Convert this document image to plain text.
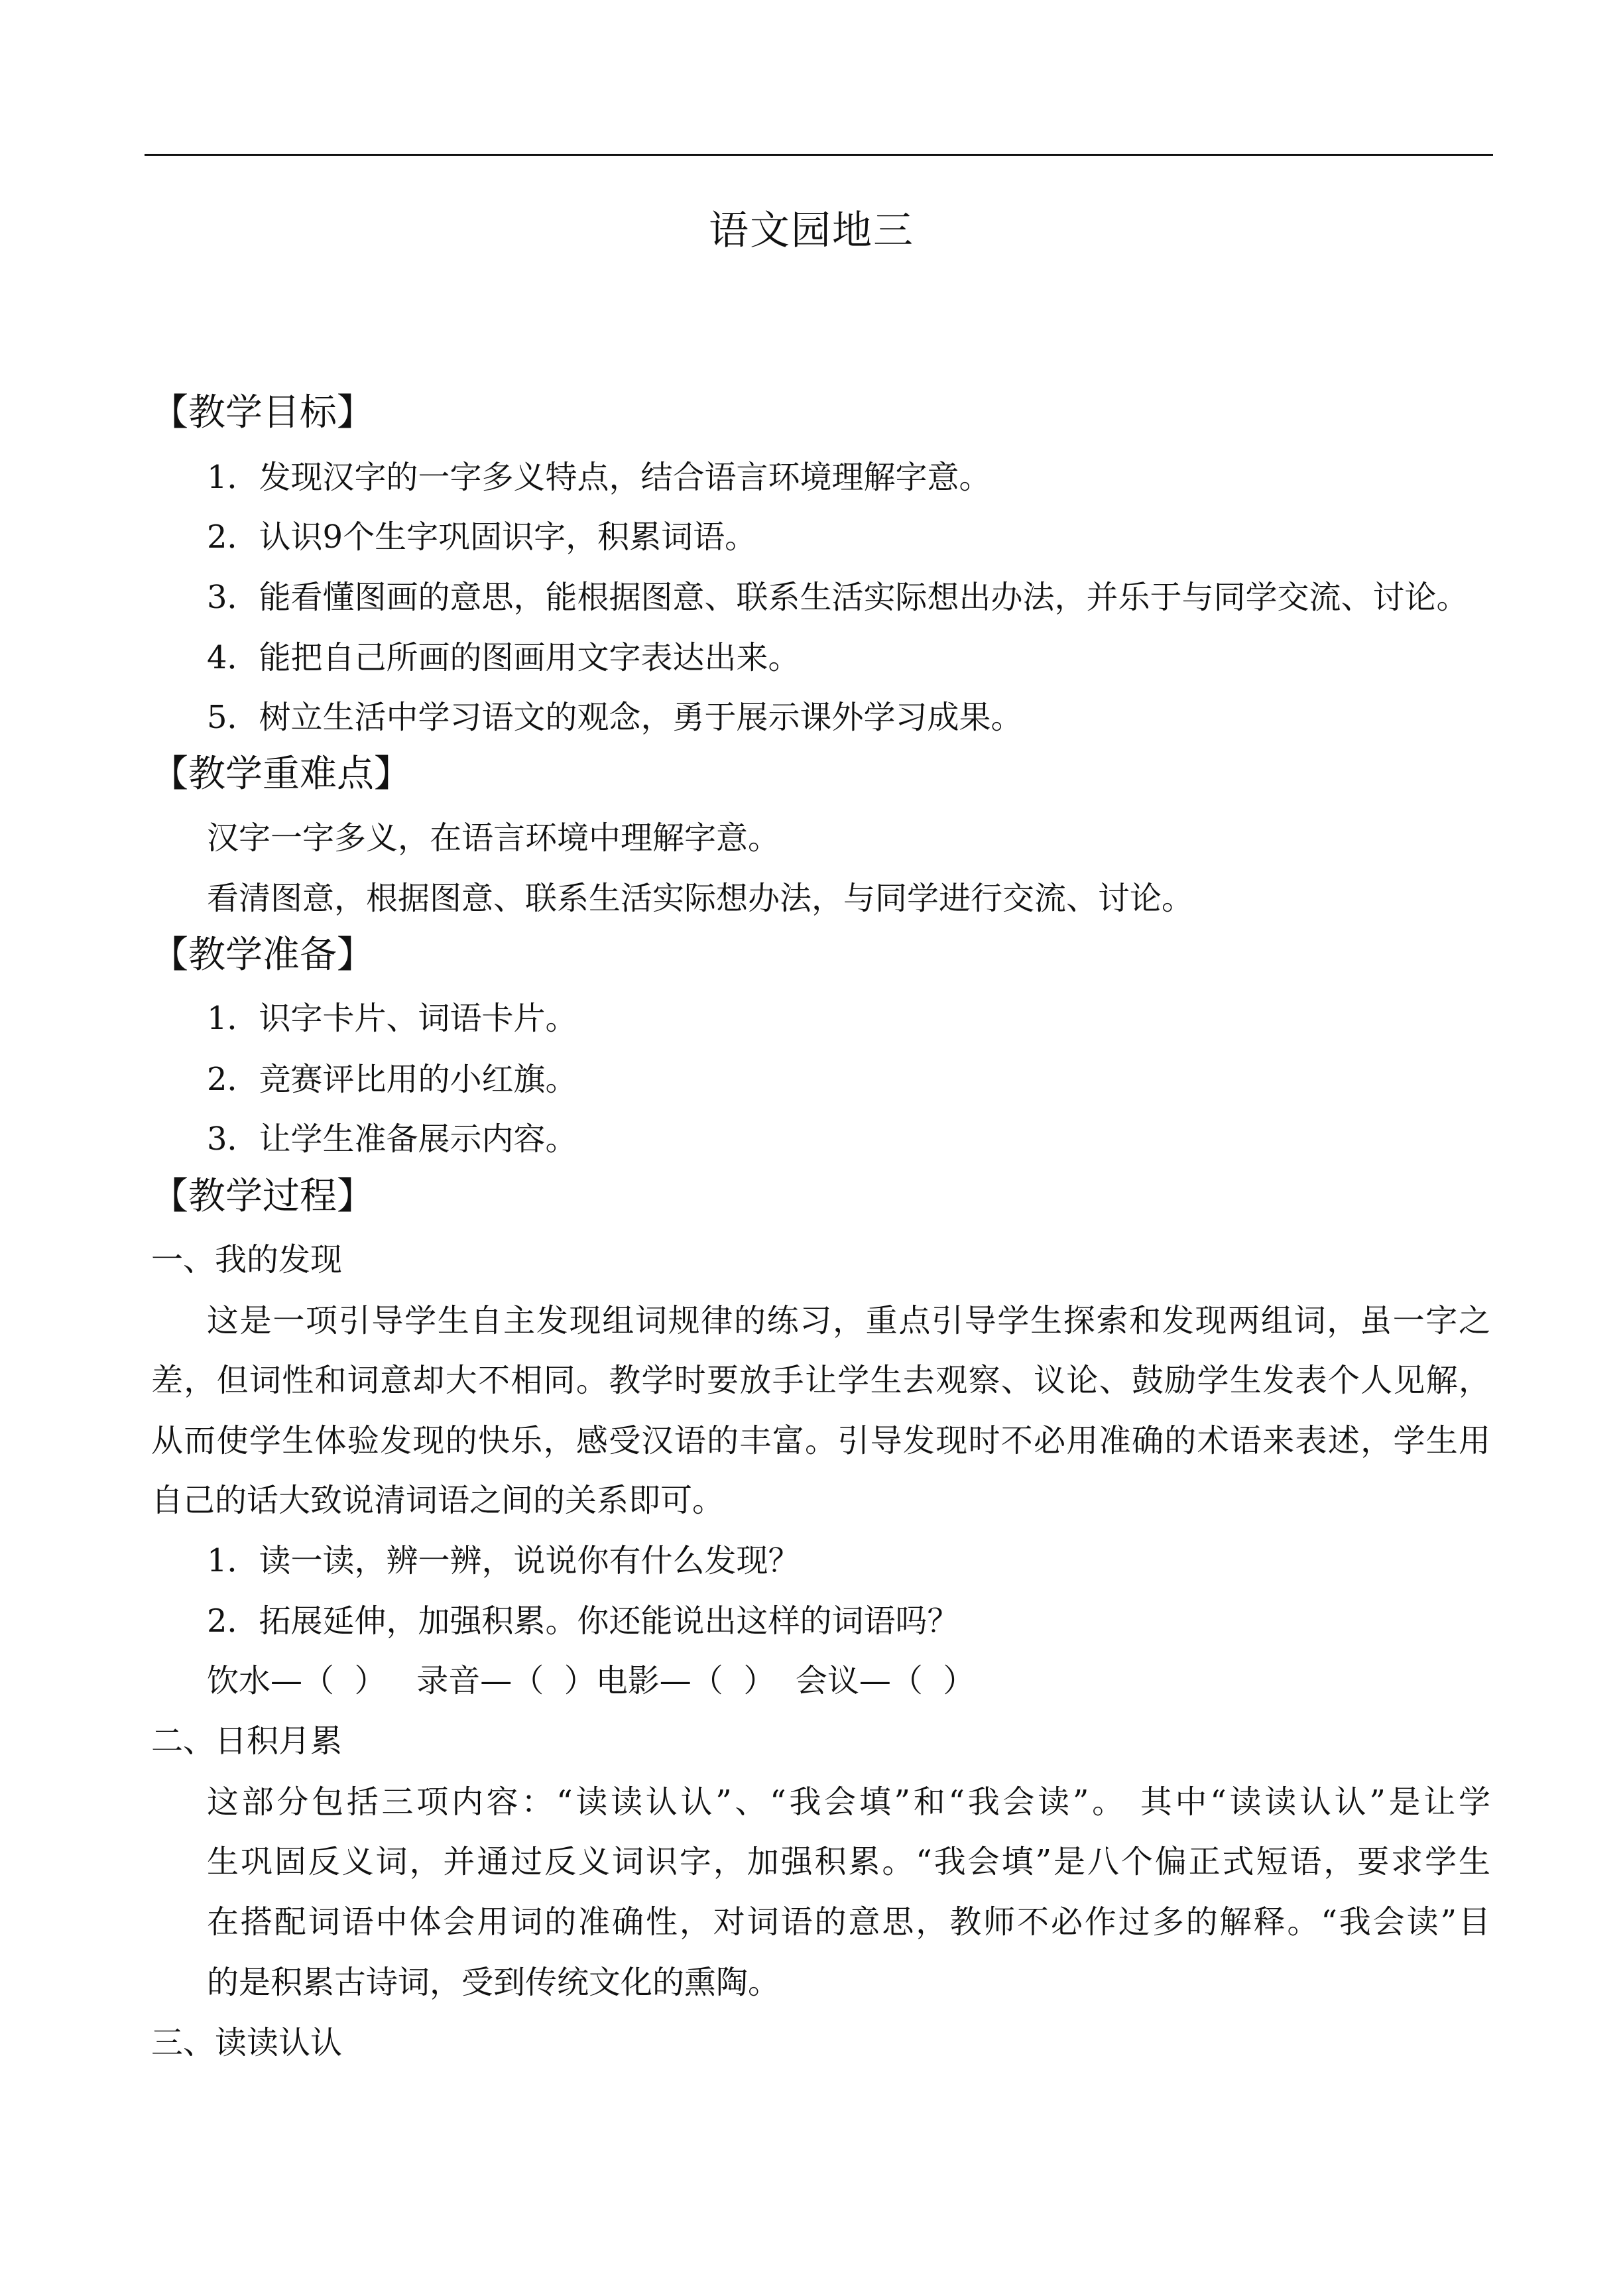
语文园地三
【教学目标】
1．发现汉字的一字多义特点，结合语言环境理解字意。
2．认识9个生字巩固识字，积累词语。
3．能看懂图画的意思，能根据图意、联系生活实际想出办法，并乐于与同学交流、讨论。
4．能把自己所画的图画用文字表达出来。
5．树立生活中学习语文的观念，勇于展示课外学习成果。
【教学重难点】
汉字一字多义，在语言环境中理解字意。
看清图意，根据图意、联系生活实际想办法，与同学进行交流、讨论。
【教学准备】
1．识字卡片、词语卡片。
2．竞赛评比用的小红旗。
3．让学生准备展示内容。
【教学过程】
一、我的发现
这是一项引导学生自主发现组词规律的练习，重点引导学生探索和发现两组词，虽一字之
差，但词性和词意却大不相同。教学时要放手让学生去观察、议论、鼓励学生发表个人见解，
从而使学生体验发现的快乐，感受汉语的丰富。引导发现时不必用准确的术语来表述，学生用
自己的话大致说清词语之间的关系即可。
1．读一读，辨一辨，说说你有什么发现？
2．拓展延伸，加强积累。你还能说出这样的词语吗？
饮水—（  ）   录音—（  ）电影—（  ）  会议—（  ）
二、日积月累
这部分包括三项内容：“读读认认”、“我会填”和“我会读”。 其中“读读认认”是让学
生巩固反义词，并通过反义词识字，加强积累。“我会填”是八个偏正式短语，要求学生
在搭配词语中体会用词的准确性，对词语的意思，教师不必作过多的解释。“我会读”目
的是积累古诗词，受到传统文化的熏陶。
三、读读认认
